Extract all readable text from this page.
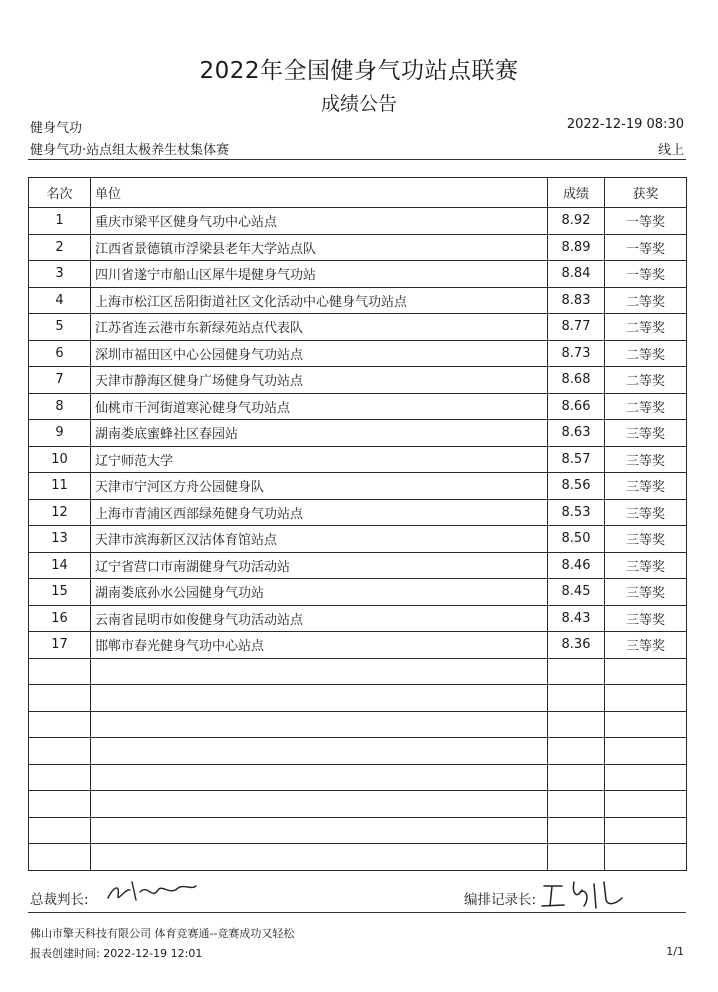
2022年全国健身气功站点联赛
成绩公告
健身气功	2022-12-19 08:30
健身气功·站点组太极养生杖集体赛	线上
名次	单位	成绩	获奖
1	重庆市梁平区健身气功中心站点	8.92	一等奖
2	江西省景德镇市浮梁县老年大学站点队	8.89	一等奖
3	四川省遂宁市船山区犀牛堤健身气功站	8.84	一等奖
4	上海市松江区岳阳街道社区文化活动中心健身气功站点	8.83	二等奖
5	江苏省连云港市东新绿苑站点代表队	8.77	二等奖
6	深圳市福田区中心公园健身气功站点	8.73	二等奖
7	天津市静海区健身广场健身气功站点	8.68	二等奖
8	仙桃市干河街道寒沁健身气功站点	8.66	二等奖
9	湖南娄底蜜蜂社区春园站	8.63	三等奖
10	辽宁师范大学	8.57	三等奖
11	天津市宁河区方舟公园健身队	8.56	三等奖
12	上海市青浦区西部绿苑健身气功站点	8.53	三等奖
13	天津市滨海新区汉沽体育馆站点	8.50	三等奖
14	辽宁省营口市南湖健身气功活动站	8.46	三等奖
15	湖南娄底孙水公园健身气功站	8.45	三等奖
16	云南省昆明市如俊健身气功活动站点	8.43	三等奖
17	邯郸市春光健身气功中心站点	8.36	三等奖

总裁判长:	编排记录长:
佛山市擎天科技有限公司 体育竞赛通--竞赛成功又轻松
报表创建时间: 2022-12-19 12:01	1/1
